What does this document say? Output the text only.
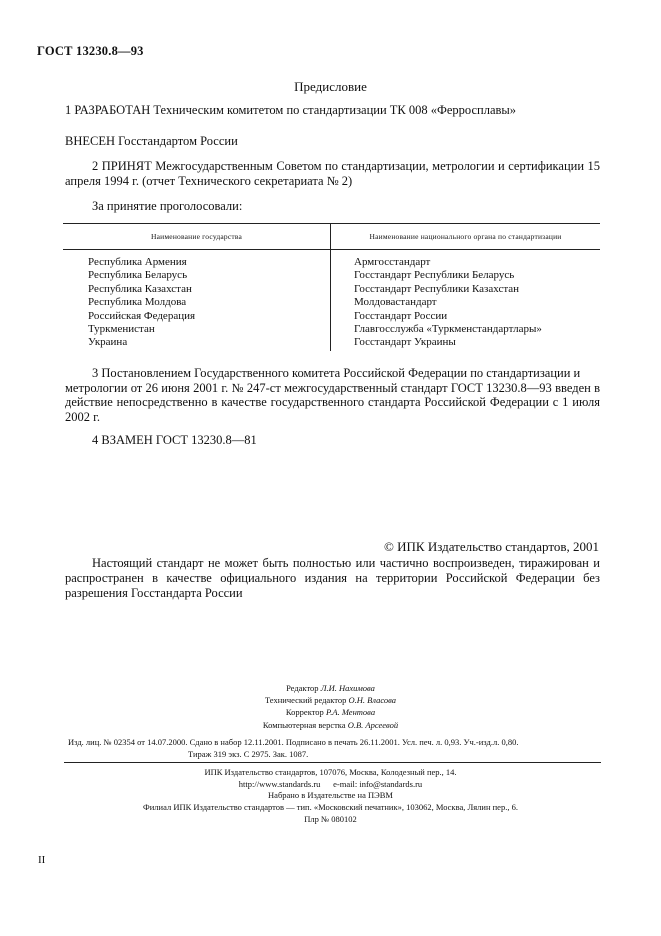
ГОСТ 13230.8—93
Предисловие
1 РАЗРАБОТАН Техническим комитетом по стандартизации ТК 008 «Ферросплавы»
ВНЕСЕН Госстандартом России
2 ПРИНЯТ Межгосударственным Советом по стандартизации, метрологии и сертификации 15 апреля 1994 г. (отчет Технического секретариата № 2)
За принятие проголосовали:
Наименование государства	Наименование национального органа по стандартизации
Республика Армения
Республика Беларусь
Республика Казахстан
Республика Молдова
Российская Федерация
Туркменистан
Украина
Армгосстандарт
Госстандарт Республики Беларусь
Госстандарт Республики Казахстан
Молдовастандарт
Госстандарт России
Главгосслужба «Туркменстандартлары»
Госстандарт Украины
3 Постановлением Государственного комитета Российской Федерации по стандартизации и
метрологии от 26 июня 2001 г. № 247-ст межгосударственный стандарт ГОСТ 13230.8—93 введен в действие непосредственно в качестве государственного стандарта Российской Федерации с 1 июля 2002 г.
4 ВЗАМЕН ГОСТ 13230.8—81
© ИПК Издательство стандартов, 2001
Настоящий стандарт не может быть полностью или частично воспроизведен, тиражирован и распространен в качестве официального издания на территории Российской Федерации без разрешения Госстандарта России
Редактор Л.И. Нахимова
Технический редактор О.Н. Власова
Корректор Р.А. Ментова
Компьютерная верстка О.В. Арсеевой
Изд. лиц. № 02354 от 14.07.2000. Сдано в набор 12.11.2001. Подписано в печать 26.11.2001. Усл. печ. л. 0,93. Уч.-изд.л. 0,80.
Тираж 319 экз. С 2975. Зак. 1087.
ИПК Издательство стандартов, 107076, Москва, Колодезный пер., 14.
http://www.standards.ru      e-mail: info@standards.ru
Набрано в Издательстве на ПЭВМ
Филиал ИПК Издательство стандартов — тип. «Московский печатник», 103062, Москва, Лялин пер., 6.
Плр № 080102
II
